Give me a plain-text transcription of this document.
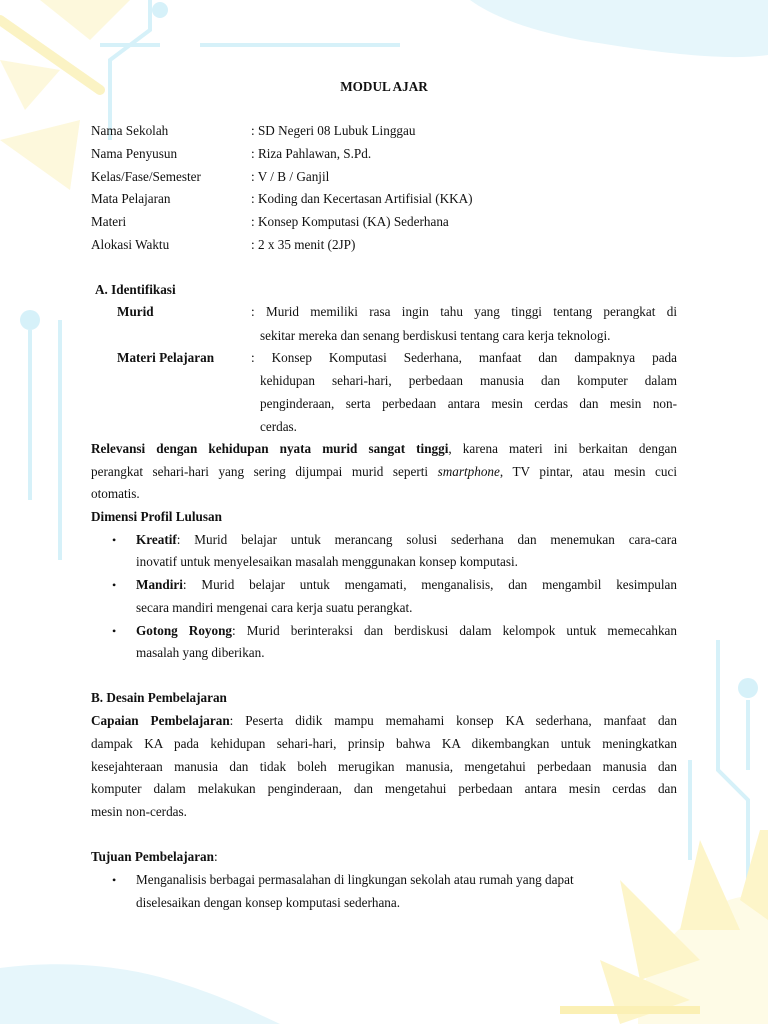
MODUL AJAR
Nama Sekolah	: SD Negeri 08 Lubuk Linggau
Nama Penyusun	: Riza Pahlawan, S.Pd.
Kelas/Fase/Semester	: V / B / Ganjil
Mata Pelajaran	: Koding dan Kecertasan Artifisial (KKA)
Materi	: Konsep Komputasi (KA) Sederhana
Alokasi Waktu	: 2 x 35 menit (2JP)
A. Identifikasi
Murid	: Murid memiliki rasa ingin tahu yang tinggi tentang perangkat di
sekitar mereka dan senang berdiskusi tentang cara kerja teknologi.
Materi Pelajaran	: Konsep Komputasi Sederhana, manfaat dan dampaknya pada
kehidupan sehari-hari, perbedaan manusia dan komputer dalam
penginderaan, serta perbedaan antara mesin cerdas dan mesin non-
cerdas.
Relevansi dengan kehidupan nyata murid sangat tinggi, karena materi ini berkaitan dengan
perangkat sehari-hari yang sering dijumpai murid seperti smartphone, TV pintar, atau mesin cuci
otomatis.
Dimensi Profil Lulusan
• Kreatif: Murid belajar untuk merancang solusi sederhana dan menemukan cara-cara
inovatif untuk menyelesaikan masalah menggunakan konsep komputasi.
• Mandiri: Murid belajar untuk mengamati, menganalisis, dan mengambil kesimpulan
secara mandiri mengenai cara kerja suatu perangkat.
• Gotong Royong: Murid berinteraksi dan berdiskusi dalam kelompok untuk memecahkan
masalah yang diberikan.
B. Desain Pembelajaran
Capaian Pembelajaran: Peserta didik mampu memahami konsep KA sederhana, manfaat dan
dampak KA pada kehidupan sehari-hari, prinsip bahwa KA dikembangkan untuk meningkatkan
kesejahteraan manusia dan tidak boleh merugikan manusia, mengetahui perbedaan manusia dan
komputer dalam melakukan penginderaan, dan mengetahui perbedaan antara mesin cerdas dan
mesin non-cerdas.
Tujuan Pembelajaran:
• Menganalisis berbagai permasalahan di lingkungan sekolah atau rumah yang dapat
diselesaikan dengan konsep komputasi sederhana.
